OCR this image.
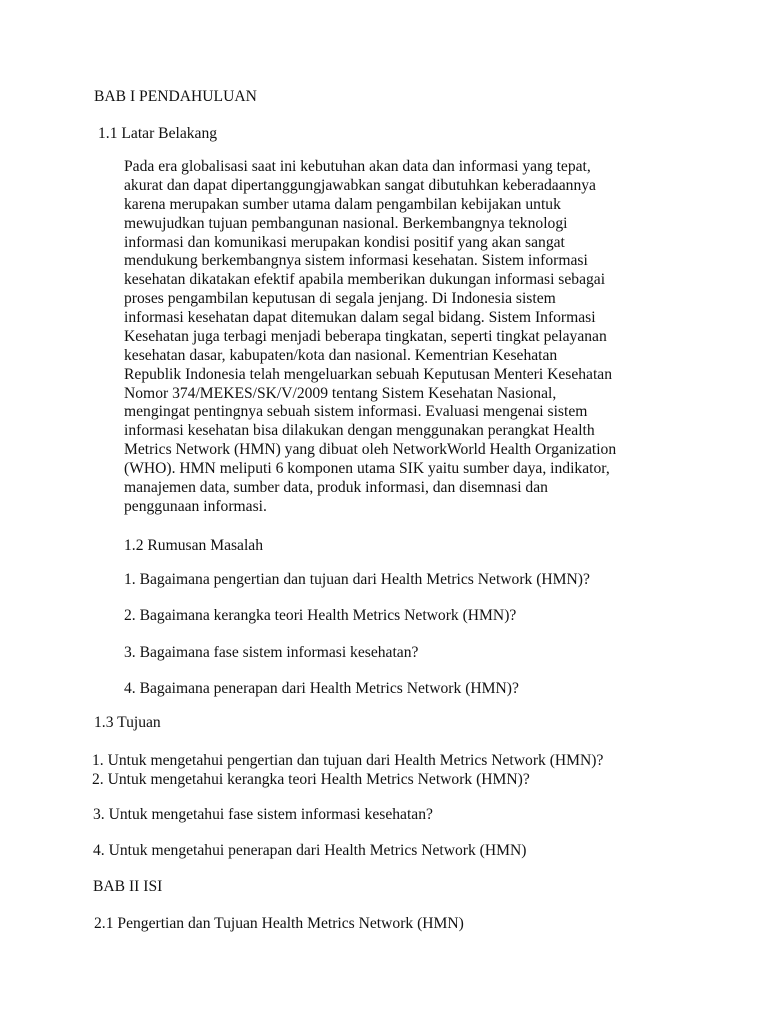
BAB I PENDAHULUAN

1.1 Latar Belakang

Pada era globalisasi saat ini kebutuhan akan data dan informasi yang tepat,
akurat dan dapat dipertanggungjawabkan sangat dibutuhkan keberadaannya
karena merupakan sumber utama dalam pengambilan kebijakan untuk
mewujudkan tujuan pembangunan nasional. Berkembangnya teknologi
informasi dan komunikasi merupakan kondisi positif yang akan sangat
mendukung berkembangnya sistem informasi kesehatan. Sistem informasi
kesehatan dikatakan efektif apabila memberikan dukungan informasi sebagai
proses pengambilan keputusan di segala jenjang. Di Indonesia sistem
informasi kesehatan dapat ditemukan dalam segal bidang. Sistem Informasi
Kesehatan juga terbagi menjadi beberapa tingkatan, seperti tingkat pelayanan
kesehatan dasar, kabupaten/kota dan nasional. Kementrian Kesehatan
Republik Indonesia telah mengeluarkan sebuah Keputusan Menteri Kesehatan
Nomor 374/MEKES/SK/V/2009 tentang Sistem Kesehatan Nasional,
mengingat pentingnya sebuah sistem informasi. Evaluasi mengenai sistem
informasi kesehatan bisa dilakukan dengan menggunakan perangkat Health
Metrics Network (HMN) yang dibuat oleh NetworkWorld Health Organization
(WHO). HMN meliputi 6 komponen utama SIK yaitu sumber daya, indikator,
manajemen data, sumber data, produk informasi, dan disemnasi dan
penggunaan informasi.

1.2 Rumusan Masalah

1. Bagaimana pengertian dan tujuan dari Health Metrics Network (HMN)?

2. Bagaimana kerangka teori Health Metrics Network (HMN)?

3. Bagaimana fase sistem informasi kesehatan?

4. Bagaimana penerapan dari Health Metrics Network (HMN)?

1.3 Tujuan

1. Untuk mengetahui pengertian dan tujuan dari Health Metrics Network (HMN)?

2. Untuk mengetahui kerangka teori Health Metrics Network (HMN)?

3. Untuk mengetahui fase sistem informasi kesehatan?

4. Untuk mengetahui penerapan dari Health Metrics Network (HMN)

BAB II ISI

2.1 Pengertian dan Tujuan Health Metrics Network (HMN)
